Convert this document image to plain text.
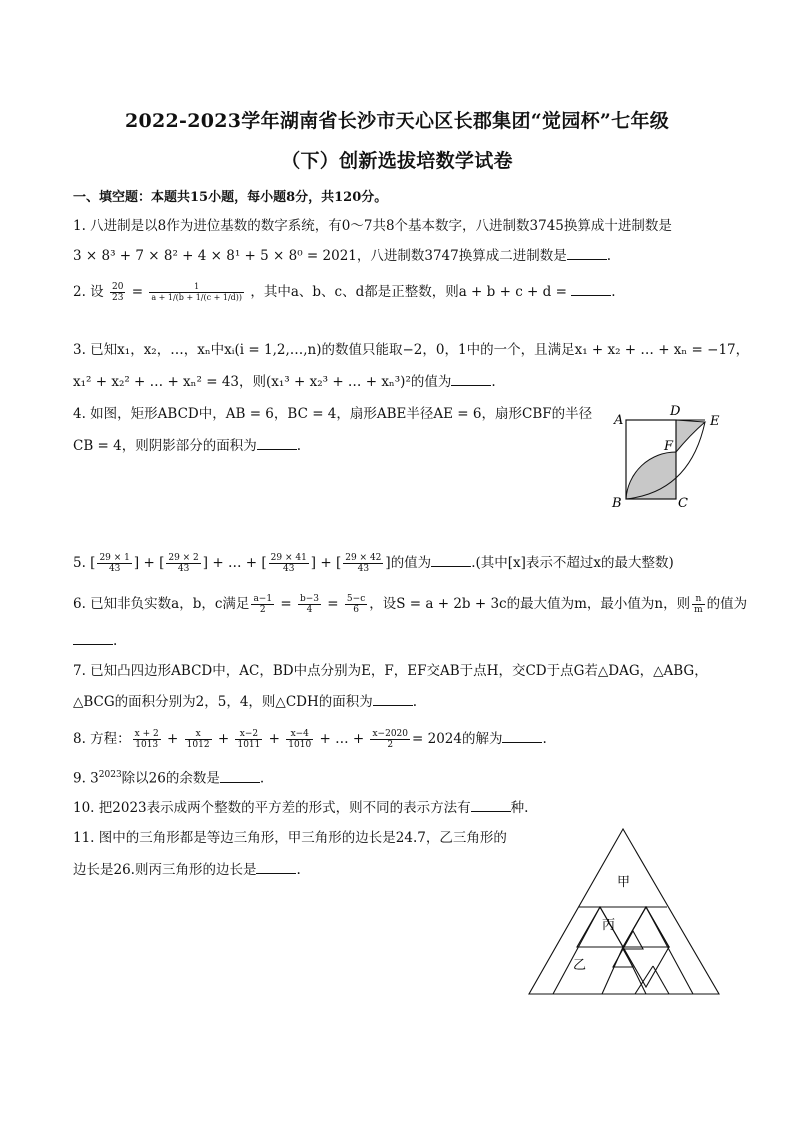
2022-2023学年湖南省长沙市天心区长郡集团“觉园杯”七年级
（下）创新选拔培数学试卷
一、填空题：本题共15小题，每小题8分，共120分。
1. 八进制是以8作为进位基数的数字系统，有0～7共8个基本数字，八进制数3745换算成十进制数是
3 × 8³ + 7 × 8² + 4 × 8¹ + 5 × 8⁰ = 2021，八进制数3747换算成二进制数是	.
2. 设 $\frac{20}{23} = \frac{1}{a + 1/(b + 1/(c + 1/d))}$ ，其中a、b、c、d都是正整数，则a + b + c + d =	.
3. 已知x₁，x₂，…，xₙ中xᵢ(i = 1,2,…,n)的数值只能取−2，0，1中的一个，且满足x₁ + x₂ + … + xₙ = −17，
x₁² + x₂² + … + xₙ² = 43，则(x₁³ + x₂³ + … + xₙ³)²的值为	.
4. 如图，矩形ABCD中，AB = 6，BC = 4，扇形ABE半径AE = 6，扇形CBF的半径
CB = 4，则阴影部分的面积为	.
A
D
E
F
B	C
5. [ $\frac{29 \times 1}{43}$ ] + [ $\frac{29 \times 2}{43}$ ] + … + [ $\frac{29 \times 41}{43}$ ] + [ $\frac{29 \times 42}{43}$ ]的值为	.(其中[x]表示不超过x的最大整数)
6. 已知非负实数a，b，c满足 $\frac{a-1}{2} = \frac{b-3}{4} = \frac{5-c}{6}$ ，设S = a + 2b + 3c的最大值为m，最小值为n，则 $\frac{n}{m}$ 的值为
.
7. 已知凸四边形ABCD中，AC，BD中点分别为E，F，EF交AB于点H，交CD于点G若△DAG，△ABG，
△BCG的面积分别为2，5，4，则△CDH的面积为	.
8. 方程： $\frac{x + 2}{1013} + \frac{x}{1012} + \frac{x-2}{1011} + \frac{x-4}{1010}$ + … + $\frac{x-2020}{2} = 2024$的解为	.
9. $3^{2023}$除以26的余数是	.
10. 把2023表示成两个整数的平方差的形式，则不同的表示方法有	种.
11. 图中的三角形都是等边三角形，甲三角形的边长是24.7，乙三角形的
边长是26.则丙三角形的边长是	.
甲
丙
乙
